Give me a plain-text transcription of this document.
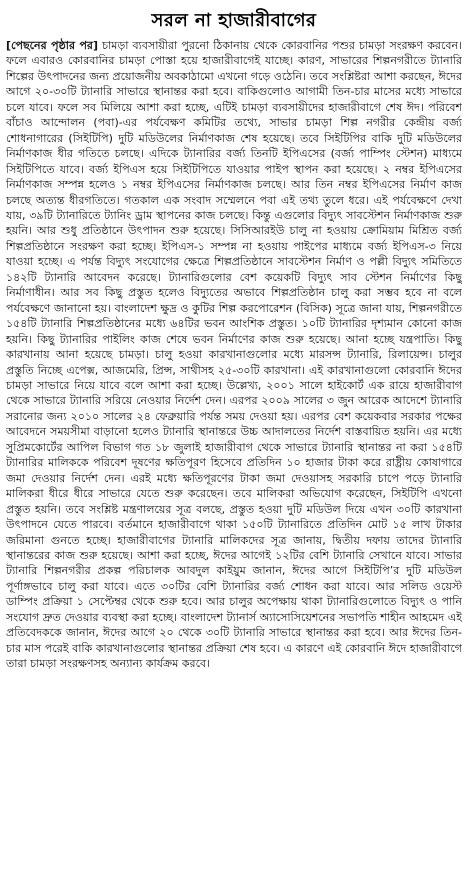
সরল না হাজারীবাগের

[পেছনের পৃষ্ঠার পর] চামড়া ব্যবসায়ীরা পুরনো ঠিকানায় থেকে কোরবানির পশুর চামড়া সংরক্ষণ করবেন। ফলে এবারও কোরবানির চামড়া পোস্তা হয়ে হাজারীবাগেই যাচ্ছে। কারণ, সাভারের শিল্পনগরীতে ট্যানারি শিল্পের উৎপাদনের জন্য প্রয়োজনীয় অবকাঠামো এখনো গড়ে ওঠেনি। তবে সংশ্লিষ্টরা আশা করছেন, ঈদের আগে ২০-৩০টি ট্যানারি সাভারে স্থানান্তর করা হবে। বাকিগুলোও আগামী তিন-চার মাসের মধ্যে সাভারে চলে যাবে। ফলে সব মিলিয়ে আশা করা হচ্ছে, এটিই চামড়া ব্যবসায়ীদের হাজারীবাগে শেষ ঈদ। পরিবেশ বাঁচাও আন্দোলন (পবা)-এর পর্যবেক্ষণ কমিটির তথ্যে, সাভার চামড়া শিল্প নগরীর কেন্দ্রীয় বর্জ্য শোধনাগারের (সিইটিপি) দুটি মডিউলের নির্মাণকাজ শেষ হয়েছে। তবে সিইটিপির বাকি দুটি মডিউলের নির্মাণকাজ ধীর গতিতে চলছে। এদিকে ট্যানারির বর্জ্য তিনটি ইপিএসের (বর্জ্য পাম্পিং স্টেশন) মাধ্যমে সিইটিপিতে যাবে। বর্জ্য ইপিএস হয়ে সিইটিপিতে যাওয়ার পাইপ স্থাপন করা হয়েছে। ২ নম্বর ইপিএসের নির্মাণকাজ সম্পন্ন হলেও ১ নম্বর ইপিএসের নির্মাণকাজ চলছে। আর তিন নম্বর ইপিএসের নির্মাণ কাজ চলছে অত্যন্ত ধীরগতিতে। গতকাল এক সংবাদ সম্মেলনে পবা এই তথ্য তুলে ধরে। এই পর্যবেক্ষণে দেখা যায়, ৩৯টি ট্যানারিতে ট্যানিং ড্রাম স্থাপনের কাজ চলছে। কিন্তু এগুলোর বিদ্যুৎ সাবস্টেশন নির্মাণকাজ শুরু হয়নি। আর শুধু প্রতিষ্ঠানে উৎপাদন শুরু হয়েছে। সিসিআরইউ চালু না হওয়ায় ক্রোমিয়াম মিশ্রিত বর্জ্য শিল্পপ্রতিষ্ঠানে সংরক্ষণ করা হচ্ছে। ইপিএস-১ সম্পন্ন না হওয়ায় পাইপের মাধ্যমে বর্জ্য ইপিএস-৩ নিয়ে যাওয়া হচ্ছে। এ পর্যন্ত বিদ্যুৎ সংযোগের ক্ষেত্রে শিল্পপ্রতিষ্ঠানে সাবস্টেশন নির্মাণ ও পল্লী বিদ্যুৎ সমিতিতে ১৪২টি ট্যানারি আবেদন করেছে। ট্যানারিগুলোর বেশ কয়েকটি বিদ্যুৎ সাব স্টেশন নির্মাণের কিছু নির্মাণাধীন। আর সব কিছু প্রস্তুত হলেও বিদ্যুতের অভাবে শিল্পপ্রতিষ্ঠান চালু করা সম্ভব হবে না বলে পর্যবেক্ষণে জানানো হয়। বাংলাদেশ ক্ষুদ্র ও কুটির শিল্প করপোরেশন (বিসিক) সূত্রে জানা যায়, শিল্পনগরীতে ১৫৪টি ট্যানারি শিল্পপ্রতিষ্ঠানের মধ্যে ৬৪টির ভবন আংশিক প্রস্তুত। ১০টি ট্যানারির দৃশ্যমান কোনো কাজ হয়নি। কিছু ট্যানারির পাইলিং কাজ শেষে ভবন নির্মাণের কাজ শুরু হয়েছে। আনা হচ্ছে যন্ত্রপাতি। কিছু কারখানায় আনা হয়েছে চামড়া। চালু হওয়া কারখানাগুলোর মধ্যে মারসন্স ট্যানারি, রিলায়েন্স। চালুর প্রস্তুতি নিচ্ছে এপেক্স, আজমেরি, প্রিন্স, সাথীসহ ২৫-৩০টি কারখানা। এই কারখানাগুলো কোরবানি ঈদের চামড়া সাভারে নিয়ে যাবে বলে আশা করা হচ্ছে। উল্লেখ্য, ২০০১ সালে হাইকোর্ট এক রায়ে হাজারীবাগ থেকে সাভারে ট্যানারি সরিয়ে নেওয়ার নির্দেশ দেন। এরপর ২০০৯ সালের ৩ জুন আরেক আদেশে ট্যানারি সরানোর জন্য ২০১০ সালের ২৪ ফেব্রুয়ারি পর্যন্ত সময় দেওয়া হয়। এরপর বেশ কয়েকবার সরকার পক্ষের আবেদনে সময়সীমা বাড়ানো হলেও ট্যানারি স্থানান্তরে উচ্চ আদালতের নির্দেশ বাস্তবায়িত হয়নি। এর মধ্যে সুপ্রিমকোর্টের আপিল বিভাগ গত ১৮ জুলাই হাজারীবাগ থেকে সাভারে ট্যানারি স্থানান্তর না করা ১৫৪টি ট্যানারির মালিককে পরিবেশ দূষণের ক্ষতিপূরণ হিসেবে প্রতিদিন ১০ হাজার টাকা করে রাষ্ট্রীয় কোষাগারে জমা দেওয়ার নির্দেশ দেন। এরই মধ্যে ক্ষতিপূরণের টাকা জমা দেওয়াসহ সরকারি চাপে পড়ে ট্যানারি মালিকরা ধীরে ধীরে সাভারে যেতে শুরু করেছেন। তবে মালিকরা অভিযোগ করেছেন, সিইটিপি এখনো প্রস্তুত হয়নি। তবে সংশ্লিষ্ট মন্ত্রণালয়ের সূত্র বলছে, প্রস্তুত হওয়া দুটি মডিউল দিয়ে এখন ৩০টি কারখানা উৎপাদনে যেতে পারবে। বর্তমানে হাজারীবাগে থাকা ১৫০টি ট্যানারিতে প্রতিদিন মোট ১৫ লাখ টাকার জরিমানা গুনতে হচ্ছে। হাজারীবাগের ট্যানারি মালিকদের সূত্র জানায়, দ্বিতীয় দফায় তাদের ট্যানারি স্থানান্তরের কাজ শুরু হয়েছে। আশা করা হচ্ছে, ঈদের আগেই ১২টির বেশি ট্যানারি সেখানে যাবে। সাভার ট্যানারি শিল্পনগরীর প্রকল্প পরিচালক আবদুল কাইয়ুম জানান, ঈদের আগে সিইটিপি’র দুটি মডিউল পূর্ণাঙ্গভাবে চালু করা যাবে। এতে ৩০টির বেশি ট্যানারির বর্জ্য শোধন করা যাবে। আর সলিড ওয়েস্ট ডাম্পিং প্রক্রিয়া ১ সেপ্টেম্বর থেকে শুরু হবে। আর চালুর অপেক্ষায় থাকা ট্যানারিগুলোতে বিদ্যুৎ ও পানি সংযোগ দ্রুত দেওয়ার ব্যবস্থা করা হচ্ছে। বাংলাদেশ ট্যানার্স অ্যাসোসিয়েশনের সভাপতি শাহীন আহমেদ এই প্রতিবেদককে জানান, ঈদের আগে ২০ থেকে ৩০টি ট্যানারি সাভারে স্থানান্তর করা হবে। আর ঈদের তিন-চার মাস পরেই বাকি কারখানাগুলোর স্থানান্তর প্রক্রিয়া শেষ হবে। এ কারণে এই কোরবানি ঈদে হাজারীবাগে তারা চামড়া সংরক্ষণসহ অন্যান্য কার্যক্রম করবে।
